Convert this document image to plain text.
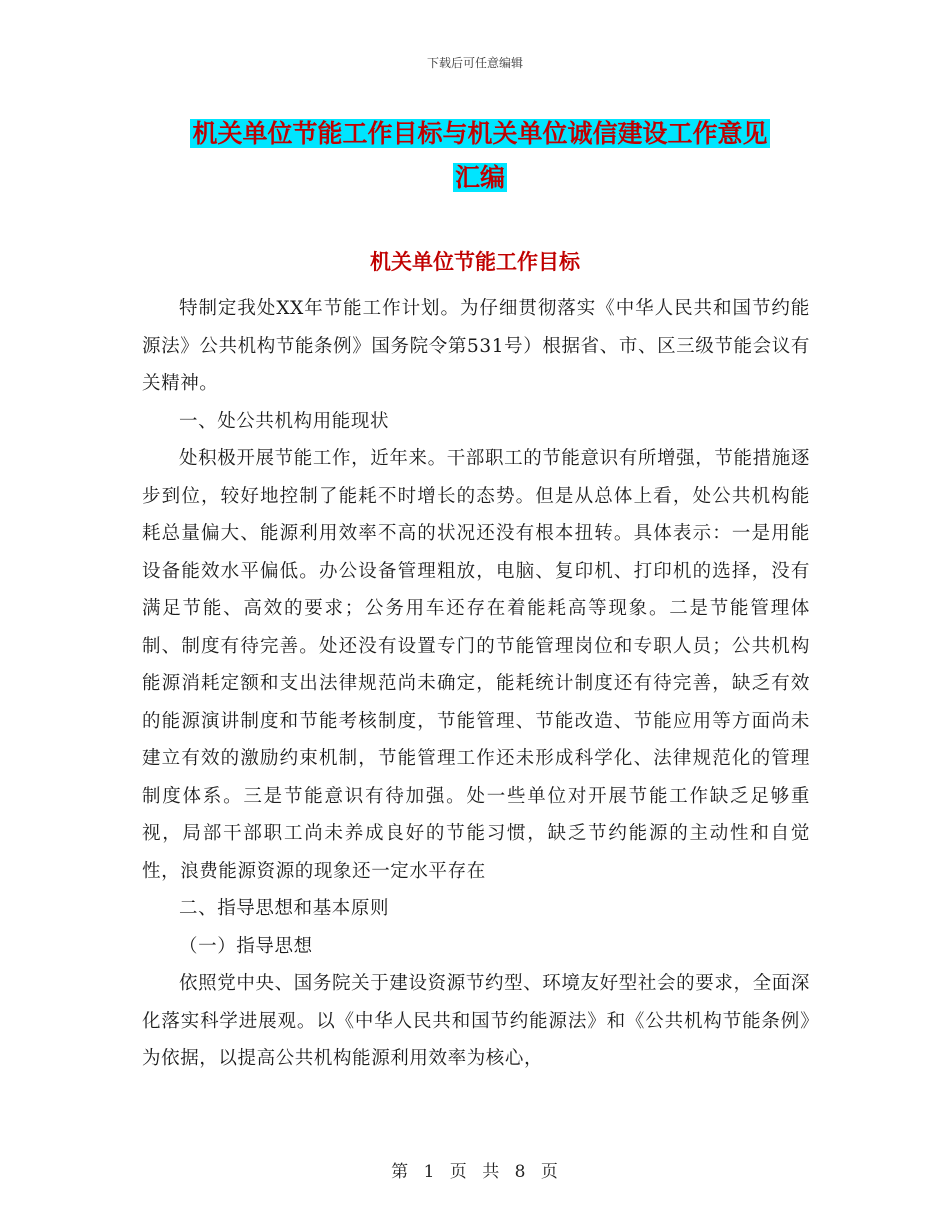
下载后可任意编辑
机关单位节能工作目标与机关单位诚信建设工作意见
汇编
机关单位节能工作目标

特制定我处XX年节能工作计划。为仔细贯彻落实《中华人民共和国节约能源法》公共机构节能条例》国务院令第531号）根据省、市、区三级节能会议有关精神。

一、处公共机构用能现状

处积极开展节能工作，近年来。干部职工的节能意识有所增强，节能措施逐步到位，较好地控制了能耗不时增长的态势。但是从总体上看，处公共机构能耗总量偏大、能源利用效率不高的状况还没有根本扭转。具体表示：一是用能设备能效水平偏低。办公设备管理粗放，电脑、复印机、打印机的选择，没有满足节能、高效的要求；公务用车还存在着能耗高等现象。二是节能管理体制、制度有待完善。处还没有设置专门的节能管理岗位和专职人员；公共机构能源消耗定额和支出法律规范尚未确定，能耗统计制度还有待完善，缺乏有效的能源演讲制度和节能考核制度，节能管理、节能改造、节能应用等方面尚未建立有效的激励约束机制，节能管理工作还未形成科学化、法律规范化的管理制度体系。三是节能意识有待加强。处一些单位对开展节能工作缺乏足够重视，局部干部职工尚未养成良好的节能习惯，缺乏节约能源的主动性和自觉性，浪费能源资源的现象还一定水平存在

二、指导思想和基本原则

（一）指导思想

依照党中央、国务院关于建设资源节约型、环境友好型社会的要求，全面深化落实科学进展观。以《中华人民共和国节约能源法》和《公共机构节能条例》为依据，以提高公共机构能源利用效率为核心，

第 1 页 共 8 页
